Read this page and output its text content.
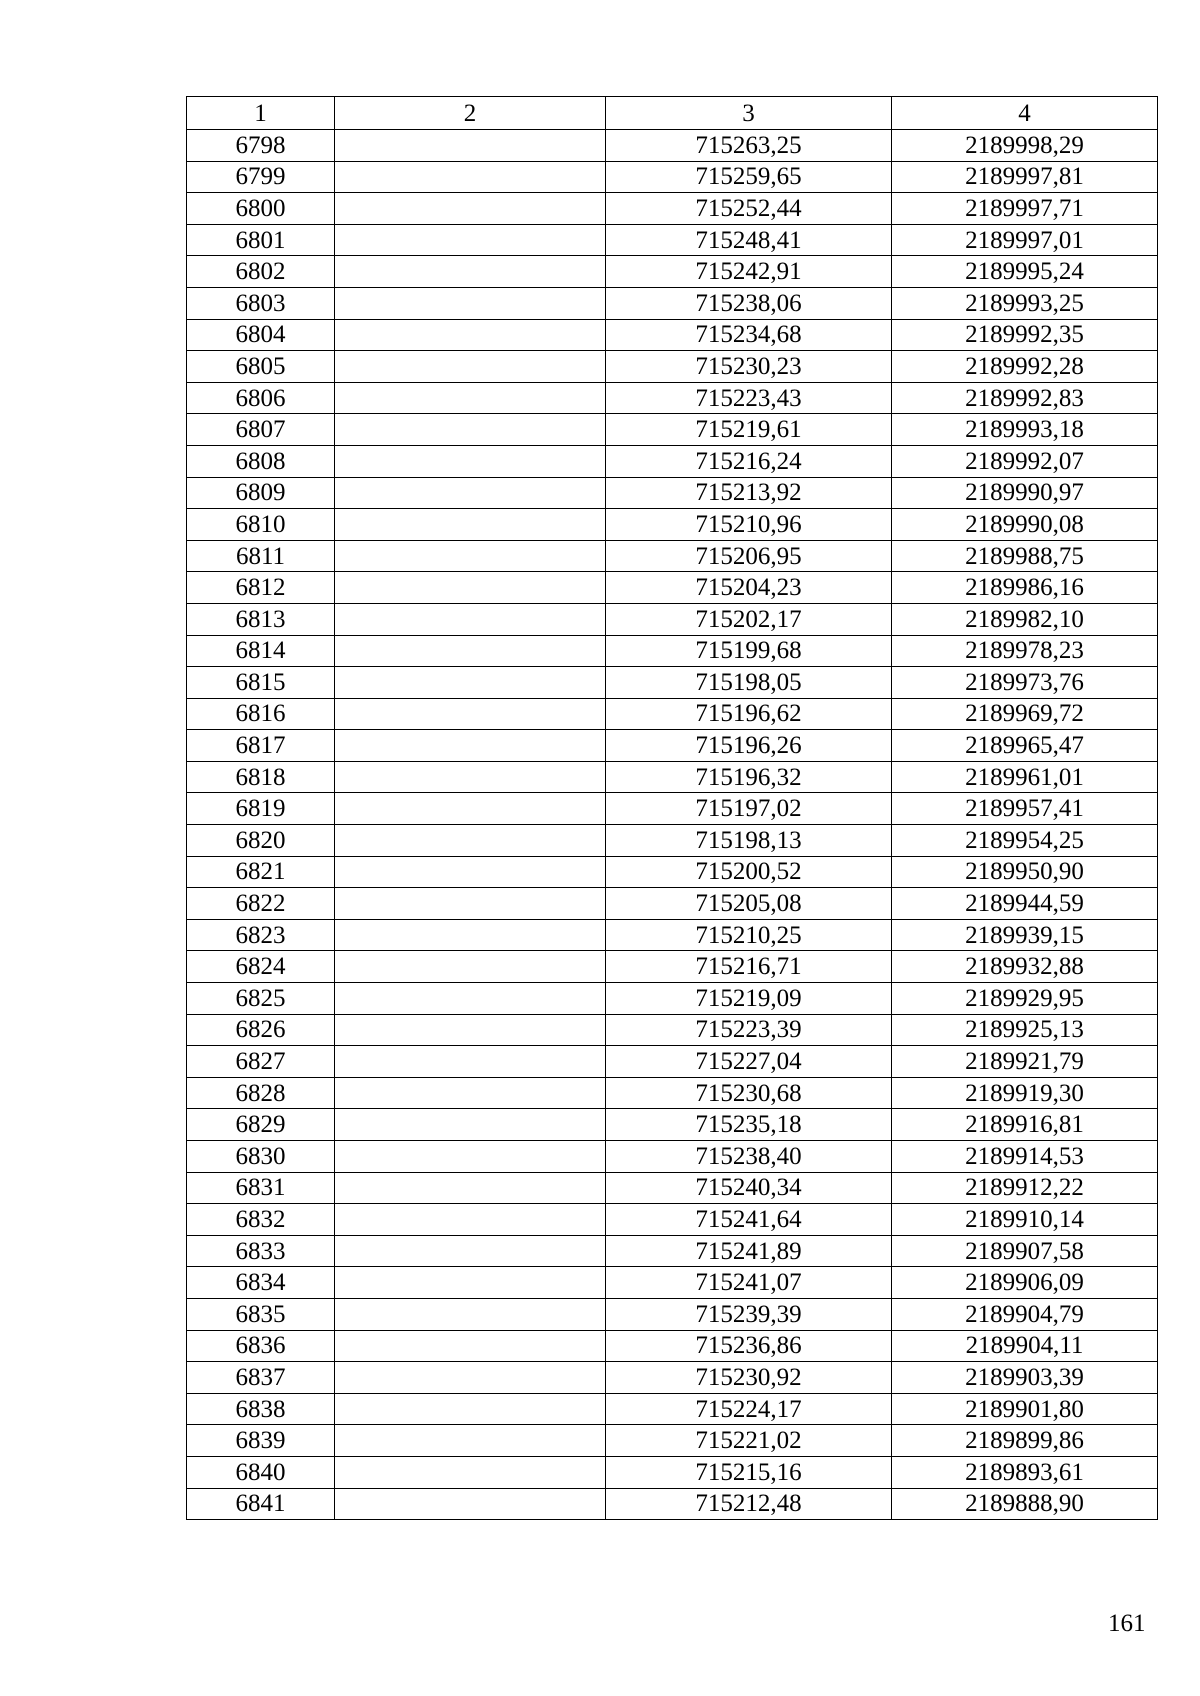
1	2	3	4
6798		715263,25	2189998,29
6799		715259,65	2189997,81
6800		715252,44	2189997,71
6801		715248,41	2189997,01
6802		715242,91	2189995,24
6803		715238,06	2189993,25
6804		715234,68	2189992,35
6805		715230,23	2189992,28
6806		715223,43	2189992,83
6807		715219,61	2189993,18
6808		715216,24	2189992,07
6809		715213,92	2189990,97
6810		715210,96	2189990,08
6811		715206,95	2189988,75
6812		715204,23	2189986,16
6813		715202,17	2189982,10
6814		715199,68	2189978,23
6815		715198,05	2189973,76
6816		715196,62	2189969,72
6817		715196,26	2189965,47
6818		715196,32	2189961,01
6819		715197,02	2189957,41
6820		715198,13	2189954,25
6821		715200,52	2189950,90
6822		715205,08	2189944,59
6823		715210,25	2189939,15
6824		715216,71	2189932,88
6825		715219,09	2189929,95
6826		715223,39	2189925,13
6827		715227,04	2189921,79
6828		715230,68	2189919,30
6829		715235,18	2189916,81
6830		715238,40	2189914,53
6831		715240,34	2189912,22
6832		715241,64	2189910,14
6833		715241,89	2189907,58
6834		715241,07	2189906,09
6835		715239,39	2189904,79
6836		715236,86	2189904,11
6837		715230,92	2189903,39
6838		715224,17	2189901,80
6839		715221,02	2189899,86
6840		715215,16	2189893,61
6841		715212,48	2189888,90
161
